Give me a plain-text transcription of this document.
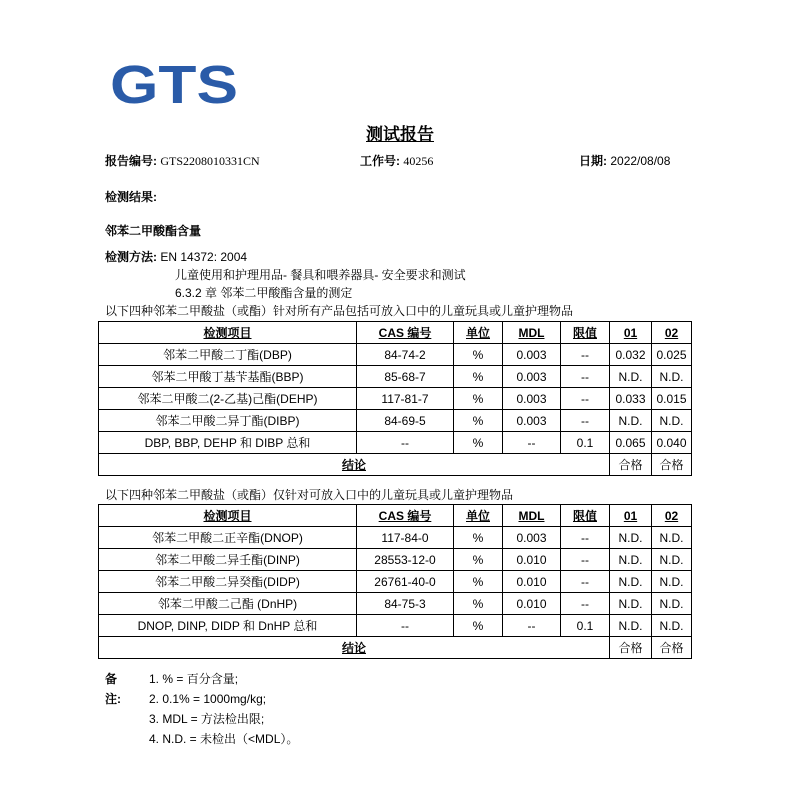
GTS
测试报告
报告编号: GTS2208010331CN	工作号: 40256	日期: 2022/08/08
检测结果:
邻苯二甲酸酯含量
检测方法: EN 14372: 2004
儿童使用和护理用品- 餐具和喂养器具- 安全要求和测试
6.3.2 章 邻苯二甲酸酯含量的测定
以下四种邻苯二甲酸盐（或酯）针对所有产品包括可放入口中的儿童玩具或儿童护理物品
检测项目	CAS 编号	单位	MDL	限值	01	02
邻苯二甲酸二丁酯(DBP)	84-74-2	%	0.003	--	0.032	0.025
邻苯二甲酸丁基苄基酯(BBP)	85-68-7	%	0.003	--	N.D.	N.D.
邻苯二甲酸二(2-乙基)己酯(DEHP)	117-81-7	%	0.003	--	0.033	0.015
邻苯二甲酸二异丁酯(DIBP)	84-69-5	%	0.003	--	N.D.	N.D.
DBP, BBP, DEHP 和 DIBP 总和	--	%	--	0.1	0.065	0.040
结论					合格	合格
以下四种邻苯二甲酸盐（或酯）仅针对可放入口中的儿童玩具或儿童护理物品
检测项目	CAS 编号	单位	MDL	限值	01	02
邻苯二甲酸二正辛酯(DNOP)	117-84-0	%	0.003	--	N.D.	N.D.
邻苯二甲酸二异壬酯(DINP)	28553-12-0	%	0.010	--	N.D.	N.D.
邻苯二甲酸二异癸酯(DIDP)	26761-40-0	%	0.010	--	N.D.	N.D.
邻苯二甲酸二己酯 (DnHP)	84-75-3	%	0.010	--	N.D.	N.D.
DNOP, DINP, DIDP 和 DnHP 总和	--	%	--	0.1	N.D.	N.D.
结论					合格	合格
备注:
1. % = 百分含量;
2. 0.1% = 1000mg/kg;
3. MDL = 方法检出限;
4. N.D. = 未检出（<MDL）。
